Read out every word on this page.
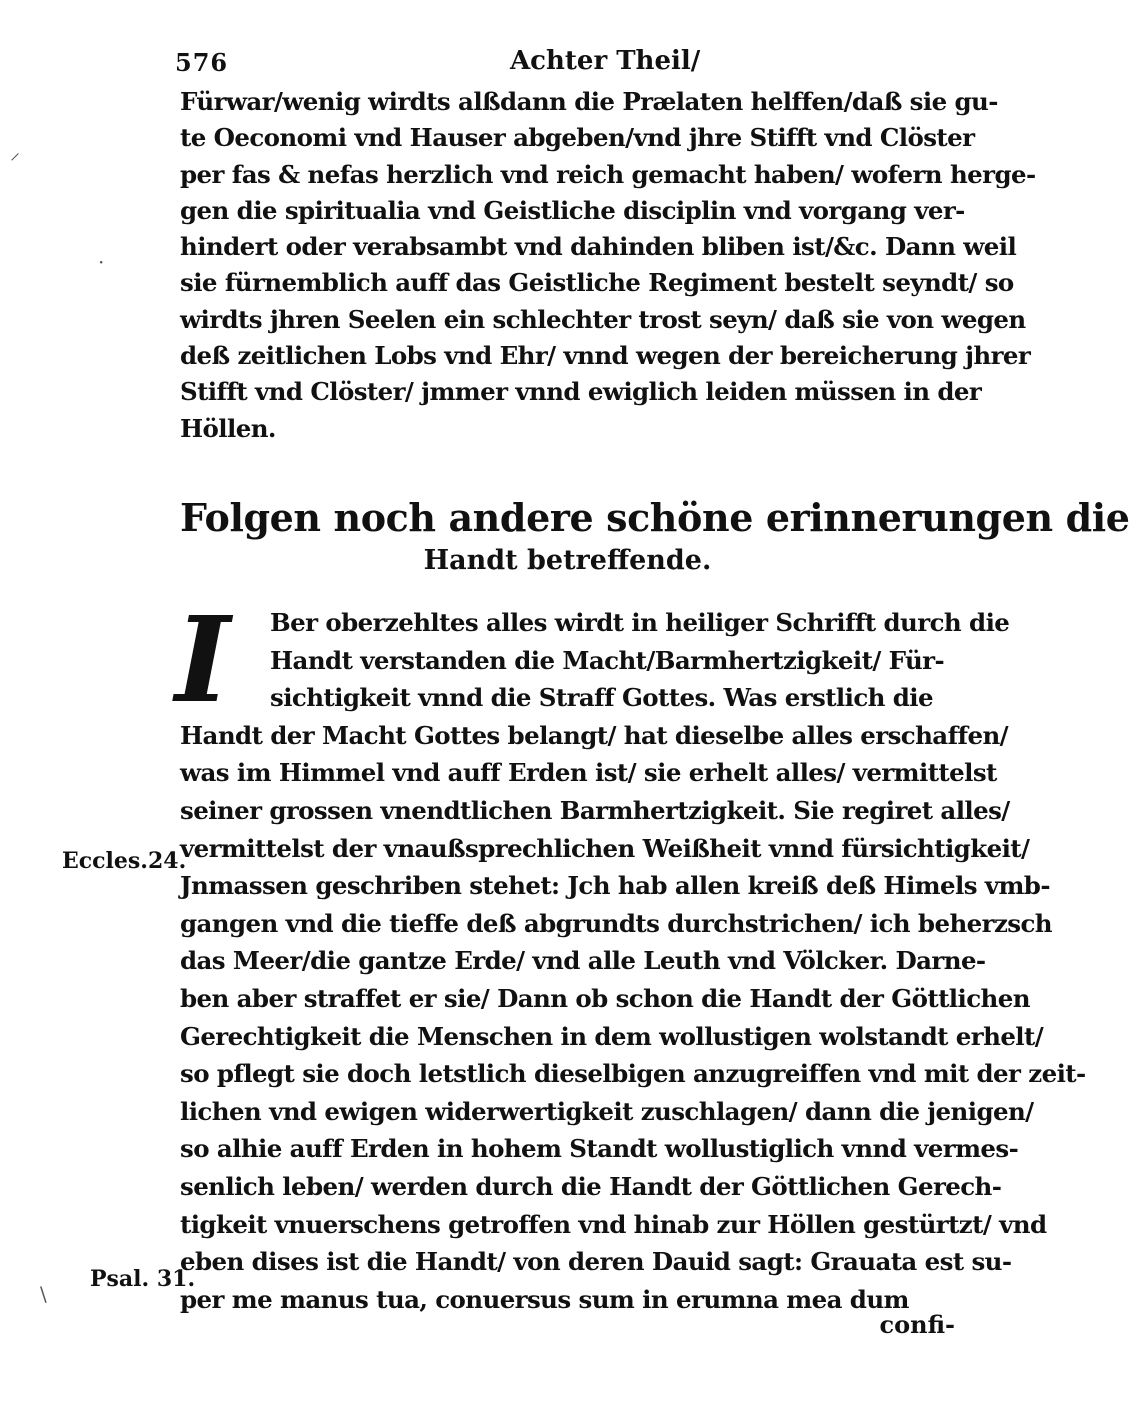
576	Achter Theil/
Fürwar/wenig wirdts alßdann die Prælaten helffen/daß sie gu-
te Oeconomi vnd Hauser abgeben/vnd jhre Stifft vnd Clöster
per fas & nefas herzlich vnd reich gemacht haben/ wofern herge-
gen die spiritualia vnd Geistliche disciplin vnd vorgang ver-
hindert oder verabsambt vnd dahinden bliben ist/&c. Dann weil
sie fürnemblich auff das Geistliche Regiment bestelt seyndt/ so
wirdts jhren Seelen ein schlechter trost seyn/ daß sie von wegen
deß zeitlichen Lobs vnd Ehr/ vnnd wegen der bereicherung jhrer
Stifft vnd Clöster/ jmmer vnnd ewiglich leiden müssen in der
Höllen.
Folgen noch andere schöne erinnerungen die
Handt betreffende.
I	Ber oberzehltes alles wirdt in heiliger Schrifft durch die
Handt verstanden die Macht/Barmhertzigkeit/ Für-
sichtigkeit vnnd die Straff Gottes. Was erstlich die
Handt der Macht Gottes belangt/ hat dieselbe alles erschaffen/
was im Himmel vnd auff Erden ist/ sie erhelt alles/ vermittelst
seiner grossen vnendtlichen Barmhertzigkeit. Sie regiret alles/
vermittelst der vnaußsprechlichen Weißheit vnnd fürsichtigkeit/
Jnmassen geschriben stehet: Jch hab allen kreiß deß Himels vmb-
gangen vnd die tieffe deß abgrundts durchstrichen/ ich beherzsch
das Meer/die gantze Erde/ vnd alle Leuth vnd Völcker. Darne-
ben aber straffet er sie/ Dann ob schon die Handt der Göttlichen
Gerechtigkeit die Menschen in dem wollustigen wolstandt erhelt/
so pflegt sie doch letstlich dieselbigen anzugreiffen vnd mit der zeit-
lichen vnd ewigen widerwertigkeit zuschlagen/ dann die jenigen/
so alhie auff Erden in hohem Standt wollustiglich vnnd vermes-
senlich leben/ werden durch die Handt der Göttlichen Gerech-
tigkeit vnuerschens getroffen vnd hinab zur Höllen gestürtzt/ vnd
eben dises ist die Handt/ von deren Dauid sagt: Grauata est su-
per me manus tua, conuersus sum in erumna mea dum
Eccles.24.
Psal. 31.
confi-
⸝
·
\
